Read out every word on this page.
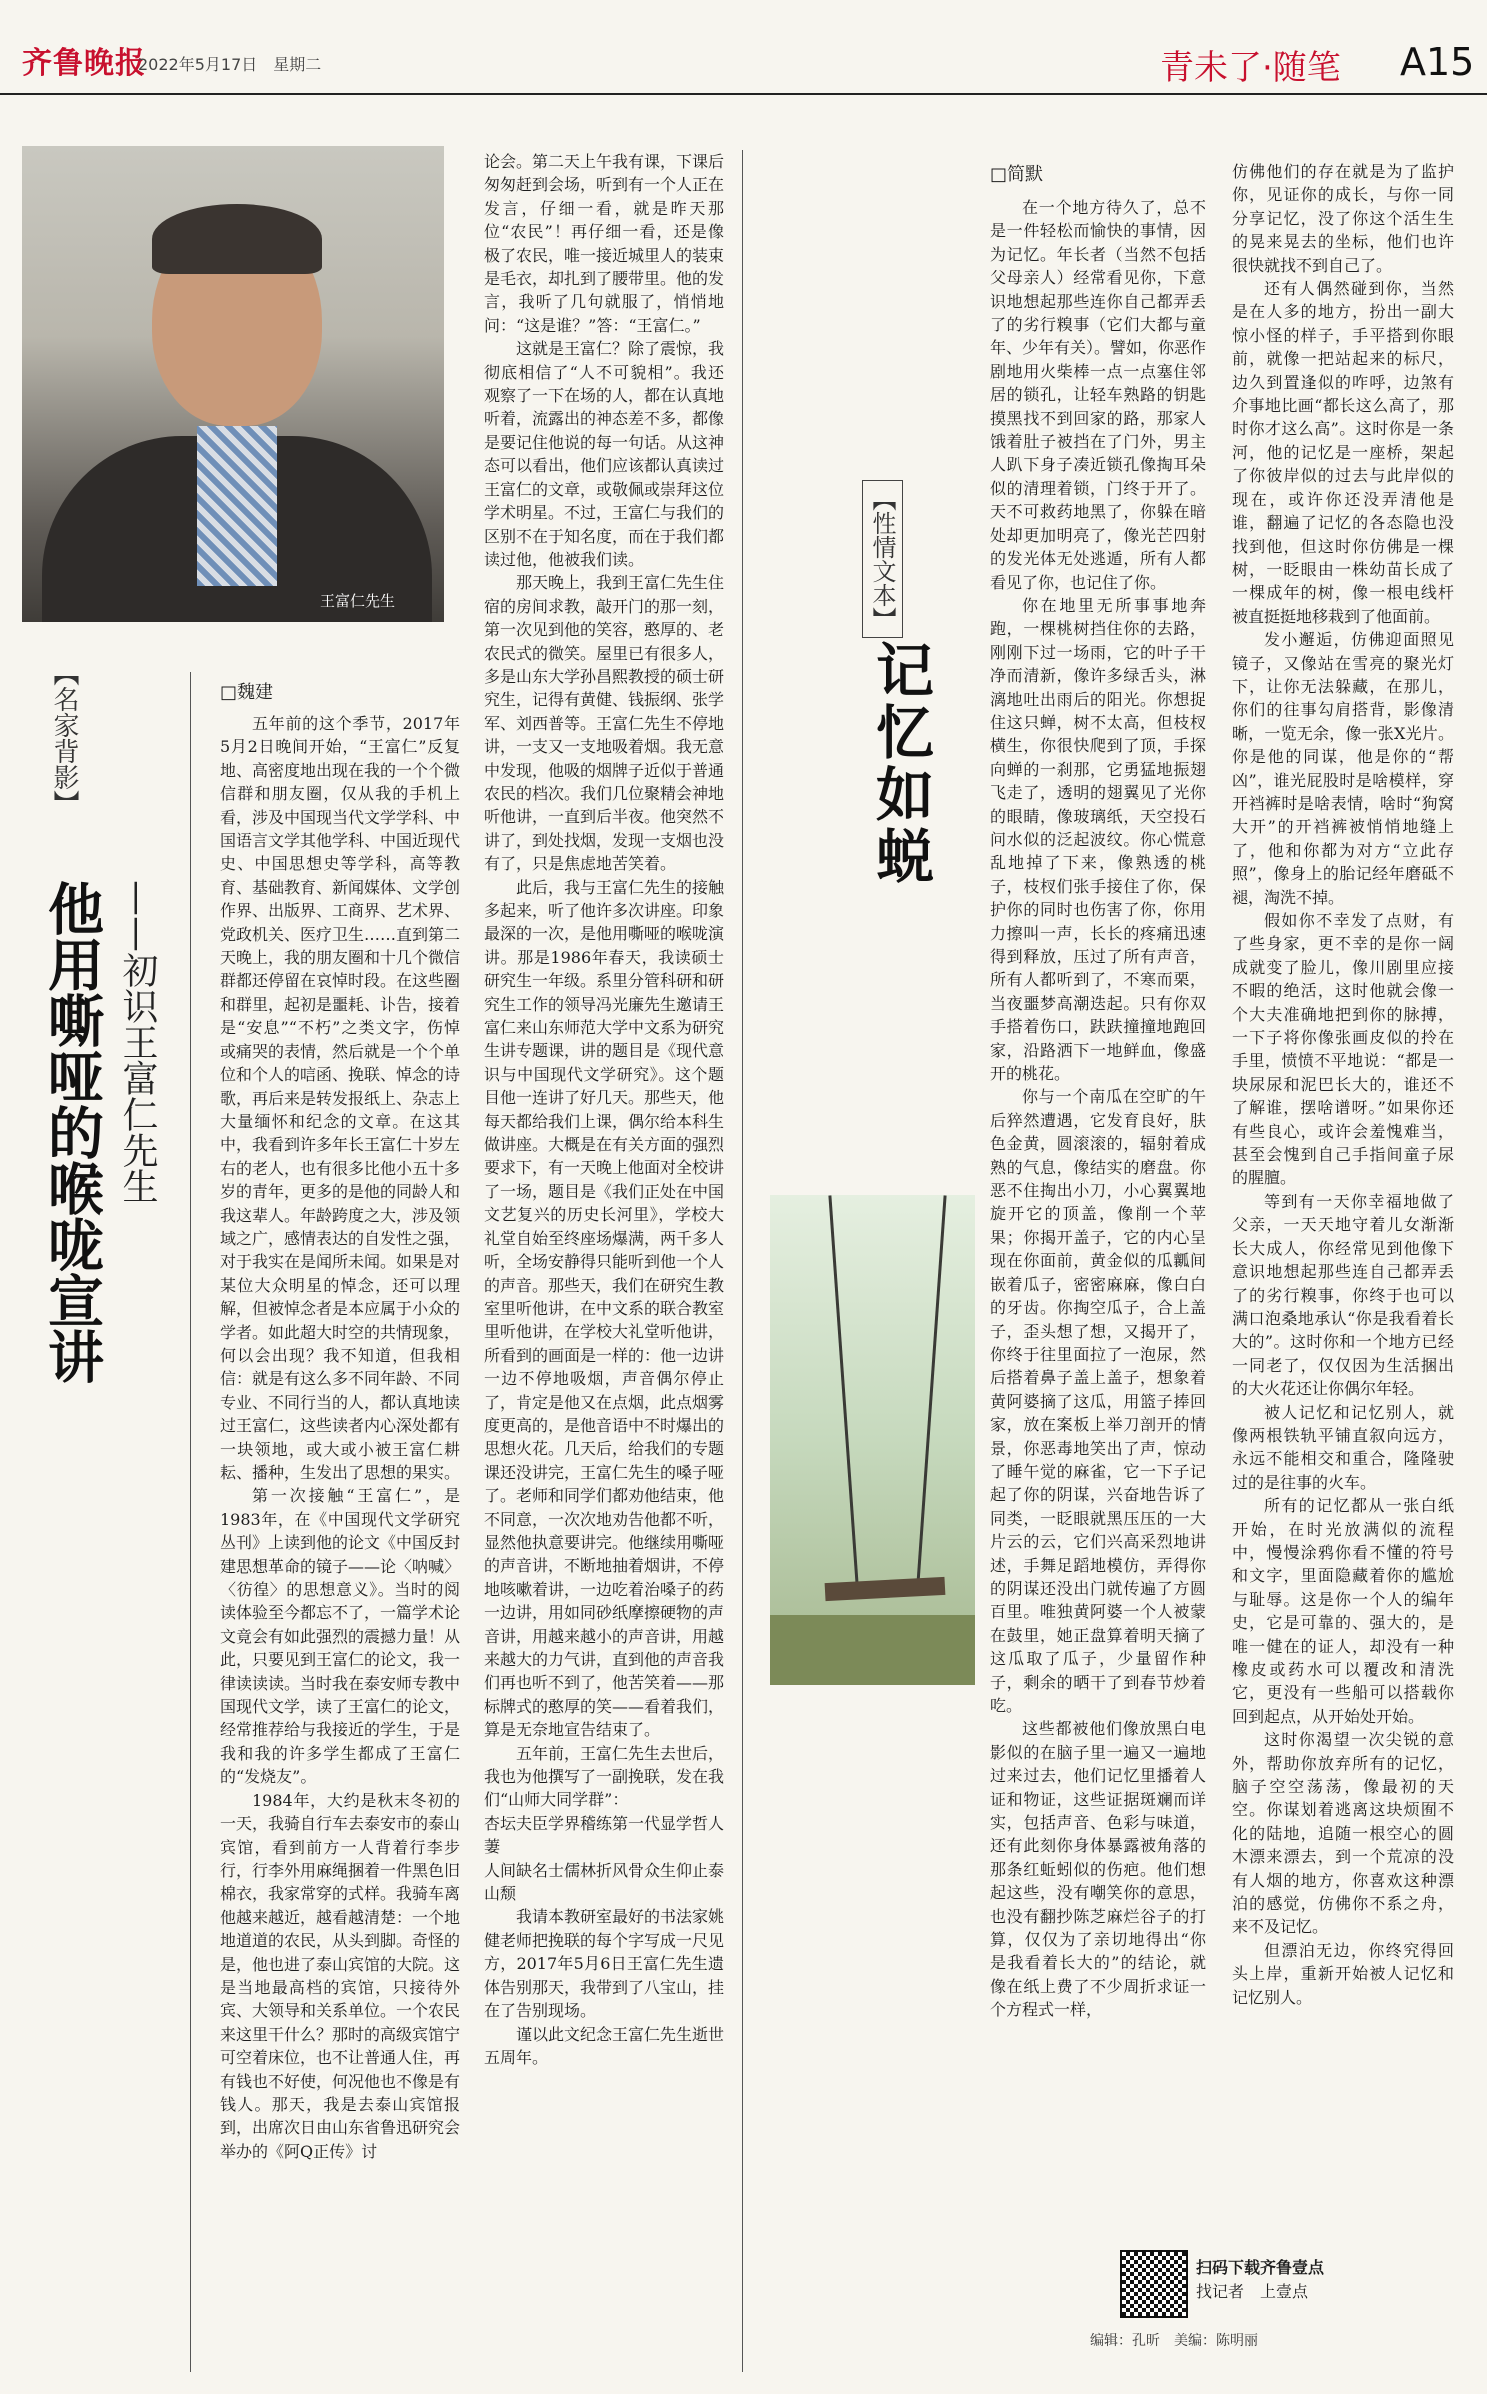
齐鲁晚报
2022年5月17日　星期二	青未了·随笔 A15
王富仁先生
【名家背影】
他用嘶哑的喉咙宣讲 ——初识王富仁先生
□魏建

五年前的这个季节，2017年5月2日晚间开始，“王富仁”反复地、高密度地出现在我的一个个微信群和朋友圈，仅从我的手机上看，涉及中国现当代文学学科、中国语言文学其他学科、中国近现代史、中国思想史等学科，高等教育、基础教育、新闻媒体、文学创作界、出版界、工商界、艺术界、党政机关、医疗卫生……直到第二天晚上，我的朋友圈和十几个微信群都还停留在哀悼时段。在这些圈和群里，起初是噩耗、讣告，接着是“安息”“不朽”之类文字，伤悼或痛哭的表情，然后就是一个个单位和个人的唁函、挽联、悼念的诗歌，再后来是转发报纸上、杂志上大量缅怀和纪念的文章。在这其中，我看到许多年长王富仁十岁左右的老人，也有很多比他小五十多岁的青年，更多的是他的同龄人和我这辈人。年龄跨度之大，涉及领域之广，感情表达的自发性之强，对于我实在是闻所未闻。如果是对某位大众明星的悼念，还可以理解，但被悼念者是本应属于小众的学者。如此超大时空的共情现象，何以会出现？我不知道，但我相信：就是有这么多不同年龄、不同专业、不同行当的人，都认真地读过王富仁，这些读者内心深处都有一块领地，或大或小被王富仁耕耘、播种，生发出了思想的果实。

第一次接触“王富仁”，是1983年，在《中国现代文学研究丛刊》上读到他的论文《中国反封建思想革命的镜子——论〈呐喊〉〈彷徨〉的思想意义》。当时的阅读体验至今都忘不了，一篇学术论文竟会有如此强烈的震撼力量！从此，只要见到王富仁的论文，我一律读读读。当时我在泰安师专教中国现代文学，读了王富仁的论文，经常推荐给与我接近的学生，于是我和我的许多学生都成了王富仁的“发烧友”。

1984年，大约是秋末冬初的一天，我骑自行车去泰安市的泰山宾馆，看到前方一人背着行李步行，行李外用麻绳捆着一件黑色旧棉衣，我家常穿的式样。我骑车离他越来越近，越看越清楚：一个地地道道的农民，从头到脚。奇怪的是，他也进了泰山宾馆的大院。这是当地最高档的宾馆，只接待外宾、大领导和关系单位。一个农民来这里干什么？那时的高级宾馆宁可空着床位，也不让普通人住，再有钱也不好使，何况他也不像是有钱人。那天，我是去泰山宾馆报到，出席次日由山东省鲁迅研究会举办的《阿Q正传》讨

论会。第二天上午我有课，下课后匆匆赶到会场，听到有一个人正在发言，仔细一看，就是昨天那位“农民”！再仔细一看，还是像极了农民，唯一接近城里人的装束是毛衣，却扎到了腰带里。他的发言，我听了几句就服了，悄悄地问：“这是谁？”答：“王富仁。”

这就是王富仁？除了震惊，我彻底相信了“人不可貌相”。我还观察了一下在场的人，都在认真地听着，流露出的神态差不多，都像是要记住他说的每一句话。从这神态可以看出，他们应该都认真读过王富仁的文章，或敬佩或崇拜这位学术明星。不过，王富仁与我们的区别不在于知名度，而在于我们都读过他，他被我们读。

那天晚上，我到王富仁先生住宿的房间求教，敲开门的那一刻，第一次见到他的笑容，憨厚的、老农民式的微笑。屋里已有很多人，多是山东大学孙昌熙教授的硕士研究生，记得有黄健、钱振纲、张学军、刘西普等。王富仁先生不停地讲，一支又一支地吸着烟。我无意中发现，他吸的烟牌子近似于普通农民的档次。我们几位聚精会神地听他讲，一直到后半夜。他突然不讲了，到处找烟，发现一支烟也没有了，只是焦虑地苦笑着。

此后，我与王富仁先生的接触多起来，听了他许多次讲座。印象最深的一次，是他用嘶哑的喉咙演讲。那是1986年春天，我读硕士研究生一年级。系里分管科研和研究生工作的领导冯光廉先生邀请王富仁来山东师范大学中文系为研究生讲专题课，讲的题目是《现代意识与中国现代文学研究》。这个题目他一连讲了好几天。那些天，他每天都给我们上课，偶尔给本科生做讲座。大概是在有关方面的强烈要求下，有一天晚上他面对全校讲了一场，题目是《我们正处在中国文艺复兴的历史长河里》，学校大礼堂自始至终座场爆满，两千多人听，全场安静得只能听到他一个人的声音。那些天，我们在研究生教室里听他讲，在中文系的联合教室里听他讲，在学校大礼堂听他讲，所看到的画面是一样的：他一边讲一边不停地吸烟，声音偶尔停止了，肯定是他又在点烟，此点烟雾度更高的，是他音语中不时爆出的思想火花。几天后，给我们的专题课还没讲完，王富仁先生的嗓子哑了。老师和同学们都劝他结束，他不同意，一次次地劝告他都不听，显然他执意要讲完。他继续用嘶哑的声音讲，不断地抽着烟讲，不停地咳嗽着讲，一边吃着治嗓子的药一边讲，用如同砂纸摩擦硬物的声音讲，用越来越小的声音讲，用越来越大的力气讲，直到他的声音我们再也听不到了，他苦笑着——那标牌式的憨厚的笑——看着我们，算是无奈地宣告结束了。

五年前，王富仁先生去世后，我也为他撰写了一副挽联，发在我们“山师大同学群”：

杏坛夫臣学界稽练第一代显学哲人萋

人间缺名士儒林折风骨众生仰止泰山颓

我请本教研室最好的书法家姚健老师把挽联的每个字写成一尺见方，2017年5月6日王富仁先生遗体告别那天，我带到了八宝山，挂在了告别现场。

谨以此文纪念王富仁先生逝世五周年。

【性情文本】
记忆如蜕
□简默

在一个地方待久了，总不是一件轻松而愉快的事情，因为记忆。年长者（当然不包括父母亲人）经常看见你，下意识地想起那些连你自己都弄丢了的劣行糗事（它们大都与童年、少年有关）。譬如，你恶作剧地用火柴棒一点一点塞住邻居的锁孔，让轻车熟路的钥匙摸黑找不到回家的路，那家人饿着肚子被挡在了门外，男主人趴下身子凑近锁孔像掏耳朵似的清理着锁，门终于开了。天不可救药地黑了，你躲在暗处却更加明亮了，像光芒四射的发光体无处逃遁，所有人都看见了你，也记住了你。

你在地里无所事事地奔跑，一棵桃树挡住你的去路，刚刚下过一场雨，它的叶子干净而清新，像许多绿舌头，淋漓地吐出雨后的阳光。你想捉住这只蝉，树不太高，但枝杈横生，你很快爬到了顶，手探向蝉的一刹那，它勇猛地振翅飞走了，透明的翅翼见了光你的眼睛，像玻璃纸，天空投石问水似的泛起波纹。你心慌意乱地掉了下来，像熟透的桃子，枝杈们张手接住了你，保护你的同时也伤害了你，你用力擦叫一声，长长的疼痛迅速得到释放，压过了所有声音，所有人都听到了，不寒而栗，当夜噩梦高潮迭起。只有你双手搭着伤口，趺趺撞撞地跑回家，沿路洒下一地鲜血，像盛开的桃花。

你与一个南瓜在空旷的午后猝然遭遇，它发育良好，肤色金黄，圆滚滚的，辐射着成熟的气息，像结实的磨盘。你恶不住掏出小刀，小心翼翼地旋开它的顶盖，像削一个苹果；你揭开盖子，它的内心呈现在你面前，黄金似的瓜瓤间嵌着瓜子，密密麻麻，像白白的牙齿。你掏空瓜子，合上盖子，歪头想了想，又揭开了，你终于往里面拉了一泡尿，然后搭着鼻子盖上盖子，想象着黄阿婆摘了这瓜，用篮子捧回家，放在案板上举刀剖开的情景，你恶毒地笑出了声，惊动了睡午觉的麻雀，它一下子记起了你的阴谋，兴奋地告诉了同类，一眨眼就黑压压的一大片云的云，它们兴高采烈地讲述，手舞足蹈地模仿，弄得你的阴谋还没出门就传遍了方圆百里。唯独黄阿婆一个人被蒙在鼓里，她正盘算着明天摘了这瓜取了瓜子，少量留作种子，剩余的晒干了到春节炒着吃。

这些都被他们像放黑白电影似的在脑子里一遍又一遍地过来过去，他们记忆里播着人证和物证，这些证据斑斓而详实，包括声音、色彩与味道，还有此刻你身体暴露被角落的那条红蚯蚓似的伤疤。他们想起这些，没有嘲笑你的意思，也没有翻抄陈芝麻烂谷子的打算，仅仅为了亲切地得出“你是我看着长大的”的结论，就像在纸上费了不少周折求证一个方程式一样，

仿佛他们的存在就是为了监护你，见证你的成长，与你一同分享记忆，没了你这个活生生的晃来晃去的坐标，他们也许很快就找不到自己了。

还有人偶然碰到你，当然是在人多的地方，扮出一副大惊小怪的样子，手平搭到你眼前，就像一把站起来的标尺，边久到置逢似的咋呼，边煞有介事地比画“都长这么高了，那时你才这么高”。这时你是一条河，他的记忆是一座桥，架起了你彼岸似的过去与此岸似的现在，或许你还没弄清他是谁，翻遍了记忆的各态隐也没找到他，但这时你仿佛是一棵树，一眨眼由一株幼苗长成了一棵成年的树，像一根电线杆被直挺挺地移栽到了他面前。

发小邂逅，仿佛迎面照见镜子，又像站在雪亮的聚光灯下，让你无法躲藏，在那儿，你们的往事勾肩搭背，影像清晰，一览无余，像一张X光片。你是他的同谋，他是你的“帮凶”，谁光屁股时是啥模样，穿开裆裤时是啥表情，啥时“狗窝大开”的开裆裤被悄悄地缝上了，他和你都为对方“立此存照”，像身上的胎记经年磨砥不褪，淘洗不掉。

假如你不幸发了点财，有了些身家，更不幸的是你一阔成就变了脸儿，像川剧里应接不暇的绝活，这时他就会像一个大夫准确地把到你的脉搏，一下子将你像张画皮似的拎在手里，愤愤不平地说：“都是一块尿尿和泥巴长大的，谁还不了解谁，摆啥谱呀。”如果你还有些良心，或许会羞愧难当，甚至会愧到自己手指间童子尿的腥膻。

等到有一天你幸福地做了父亲，一天天地守着儿女渐渐长大成人，你经常见到他像下意识地想起那些连自己都弄丢了的劣行糗事，你终于也可以满口泡桑地承认“你是我看着长大的”。这时你和一个地方已经一同老了，仅仅因为生活捆出的大火花还让你偶尔年轻。

被人记忆和记忆别人，就像两根铁轨平铺直叙向远方，永远不能相交和重合，隆隆驶过的是往事的火车。

所有的记忆都从一张白纸开始，在时光放满似的流程中，慢慢涂鸦你看不懂的符号和文字，里面隐藏着你的尴尬与耻辱。这是你一个人的编年史，它是可靠的、强大的，是唯一健在的证人，却没有一种橡皮或药水可以覆改和清洗它，更没有一些船可以搭载你回到起点，从开始处开始。

这时你渴望一次尖锐的意外，帮助你放弃所有的记忆，脑子空空荡荡，像最初的天空。你谋划着逃离这块烦囿不化的陆地，追随一根空心的圆木漂来漂去，到一个荒凉的没有人烟的地方，你喜欢这种漂泊的感觉，仿佛你不系之舟，来不及记忆。

但漂泊无边，你终究得回头上岸，重新开始被人记忆和记忆别人。

扫码下载齐鲁壹点
找记者　上壹点
编辑：孔昕　美编：陈明丽
